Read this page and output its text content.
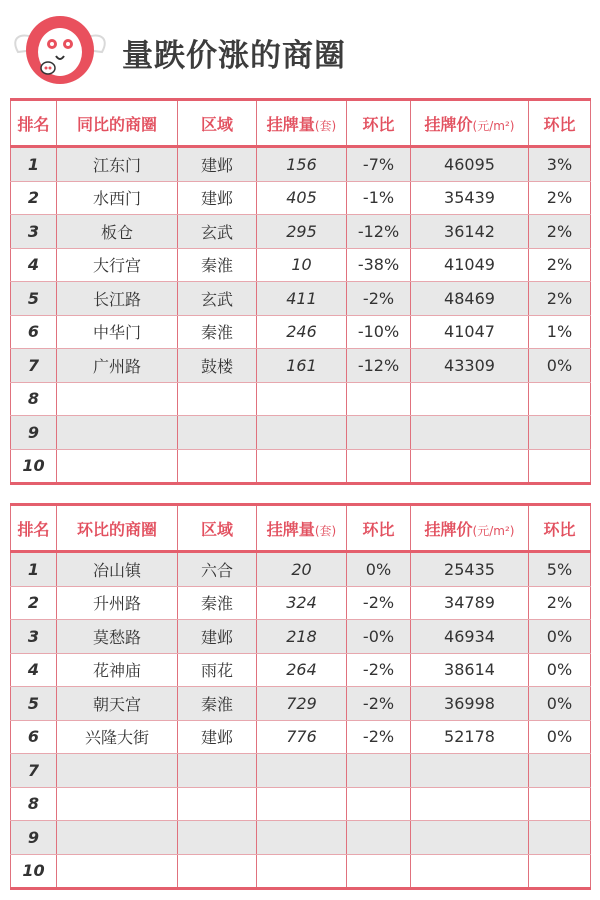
量跌价涨的商圈
排名	同比的商圈	区域	挂牌量(套)	环比	挂牌价(元/m²)	环比
1	江东门	建邺	156	-7%	46095	3%
2	水西门	建邺	405	-1%	35439	2%
3	板仓	玄武	295	-12%	36142	2%
4	大行宫	秦淮	10	-38%	41049	2%
5	长江路	玄武	411	-2%	48469	2%
6	中华门	秦淮	246	-10%	41047	1%
7	广州路	鼓楼	161	-12%	43309	0%
8						
9						
10						
排名	环比的商圈	区域	挂牌量(套)	环比	挂牌价(元/m²)	环比
1	冶山镇	六合	20	0%	25435	5%
2	升州路	秦淮	324	-2%	34789	2%
3	莫愁路	建邺	218	-0%	46934	0%
4	花神庙	雨花	264	-2%	38614	0%
5	朝天宫	秦淮	729	-2%	36998	0%
6	兴隆大街	建邺	776	-2%	52178	0%
7						
8						
9						
10						
